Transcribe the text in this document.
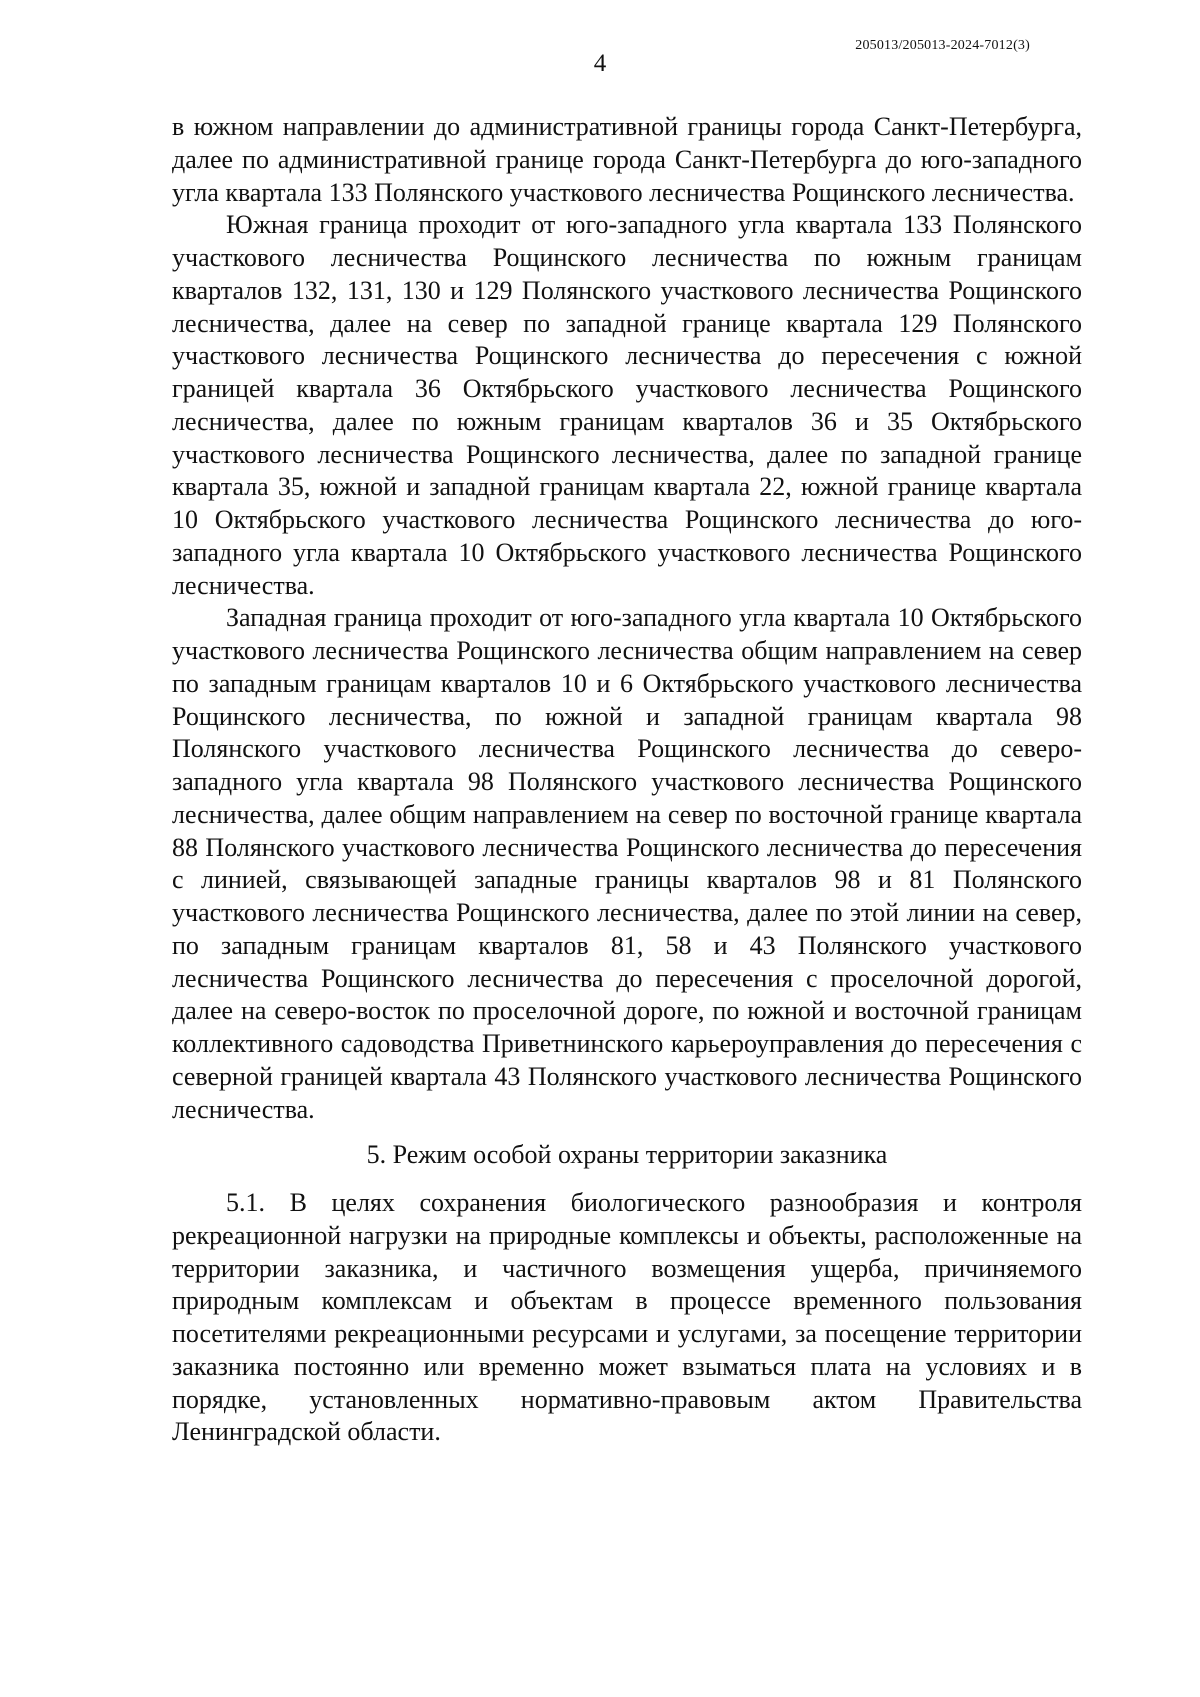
4
205013/205013-2024-7012(3)

в южном направлении до административной границы города Санкт-Петербурга, далее по административной границе города Санкт-Петербурга до юго-западного угла квартала 133 Полянского участкового лесничества Рощинского лесничества.

Южная граница проходит от юго-западного угла квартала 133 Полянского участкового лесничества Рощинского лесничества по южным границам кварталов 132, 131, 130 и 129 Полянского участкового лесничества Рощинского лесничества, далее на север по западной границе квартала 129 Полянского участкового лесничества Рощинского лесничества до пересечения с южной границей квартала 36 Октябрьского участкового лесничества Рощинского лесничества, далее по южным границам кварталов 36 и 35 Октябрьского участкового лесничества Рощинского лесничества, далее по западной границе квартала 35, южной и западной границам квартала 22, южной границе квартала 10 Октябрьского участкового лесничества Рощинского лесничества до юго-западного угла квартала 10 Октябрьского участкового лесничества Рощинского лесничества.

Западная граница проходит от юго-западного угла квартала 10 Октябрьского участкового лесничества Рощинского лесничества общим направлением на север по западным границам кварталов 10 и 6 Октябрьского участкового лесничества Рощинского лесничества, по южной и западной границам квартала 98 Полянского участкового лесничества Рощинского лесничества до северо-западного угла квартала 98 Полянского участкового лесничества Рощинского лесничества, далее общим направлением на север по восточной границе квартала 88 Полянского участкового лесничества Рощинского лесничества до пересечения с линией, связывающей западные границы кварталов 98 и 81 Полянского участкового лесничества Рощинского лесничества, далее по этой линии на север, по западным границам кварталов 81, 58 и 43 Полянского участкового лесничества Рощинского лесничества до пересечения с проселочной дорогой, далее на северо-восток по проселочной дороге, по южной и восточной границам коллективного садоводства Приветнинского карьероуправления до пересечения с северной границей квартала 43 Полянского участкового лесничества Рощинского лесничества.

5. Режим особой охраны территории заказника

5.1. В целях сохранения биологического разнообразия и контроля рекреационной нагрузки на природные комплексы и объекты, расположенные на территории заказника, и частичного возмещения ущерба, причиняемого природным комплексам и объектам в процессе временного пользования посетителями рекреационными ресурсами и услугами, за посещение территории заказника постоянно или временно может взыматься плата на условиях и в порядке, установленных нормативно-правовым актом Правительства Ленинградской области.
